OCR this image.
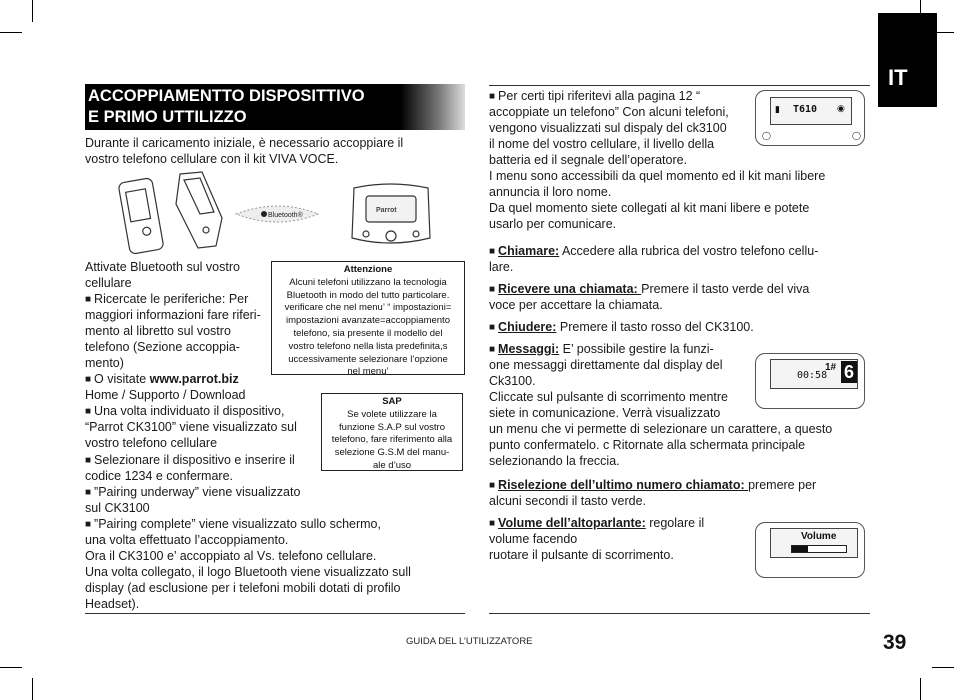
IT
ACCOPPIAMENTTO DISPOSITTIVO
E PRIMO UTTILIZZO
Durante il caricamento iniziale, è necessario accoppiare il
vostro telefono cellulare con il kit VIVA VOCE.
Bluetooth®
Parrot
Attivate Bluetooth sul vostro
cellulare
■ Ricercate le periferiche: Per
maggiori informazioni fare riferi-
mento al libretto sul vostro
telefono (Sezione accoppia-
mento)
■ O visitate www.parrot.biz
Home / Supporto / Download
■ Una volta individuato il dispositivo,
“Parrot CK3100” viene visualizzato sul
vostro telefono cellulare
■ Selezionare il dispositivo e inserire il
codice 1234 e confermare.
■ ”Pairing underway” viene visualizzato
sul CK3100
■ ”Pairing complete” viene visualizzato sullo schermo,
una volta effettuato l’accoppiamento.
Ora il CK3100 e’ accoppiato al Vs. telefono cellulare.
Una volta collegato, il logo Bluetooth viene visualizzato sull
display (ad esclusione per i telefoni mobili dotati di profilo
Headset).
Attenzione
Alcuni telefoni utilizzano la tecnologia
Bluetooth in modo del tutto particolare.
verificare che nel menu’ “ impostazioni=
impostazioni avanzate=accoppiamento
telefono, sia presente il modello del
vostro telefono nella lista predefinita,s
uccessivamente selezionare l’opzione
nel menu’
SAP
Se volete utilizzare la
funzione S.A.P sul vostro
telefono, fare riferimento alla
selezione G.S.M del manu-
ale d’uso
■ Per certi tipi riferitevi alla pagina 12 “
accoppiate un telefono” Con alcuni telefoni,
vengono visualizzati sul dispaly del ck3100
il nome del vostro cellulare, il livello della
batteria ed il segnale dell’operatore.
I menu sono accessibili da quel momento ed il kit mani libere
annuncia il loro nome.
Da quel momento siete collegati al kit mani libere e potete
usarlo per comunicare.
■ Chiamare: Accedere alla rubrica del vostro telefono cellu-
lare.
■ Ricevere una chiamata: Premere il tasto verde del viva
voce per accettare la chiamata.
■ Chiudere: Premere il tasto rosso del CK3100.
■ Messaggi: E’ possibile gestire la funzi-
one messaggi direttamente dal display del
Ck3100.
Cliccate sul pulsante di scorrimento mentre
siete in comunicazione. Verrà visualizzato
un menu che vi permette di selezionare un carattere, a questo
punto confermatelo. c Ritornate alla schermata principale
selezionando la freccia.
■ Riselezione dell’ultimo numero chiamato: premere per
alcuni secondi il tasto verde.
■ Volume dell’altoparlante: regolare il
volume facendo
ruotare il pulsante di scorrimento.
T610
▮	◉
◯	◯
00:58
1# 6
Volume
GUIDA DEL L’UTILIZZATORE	39
